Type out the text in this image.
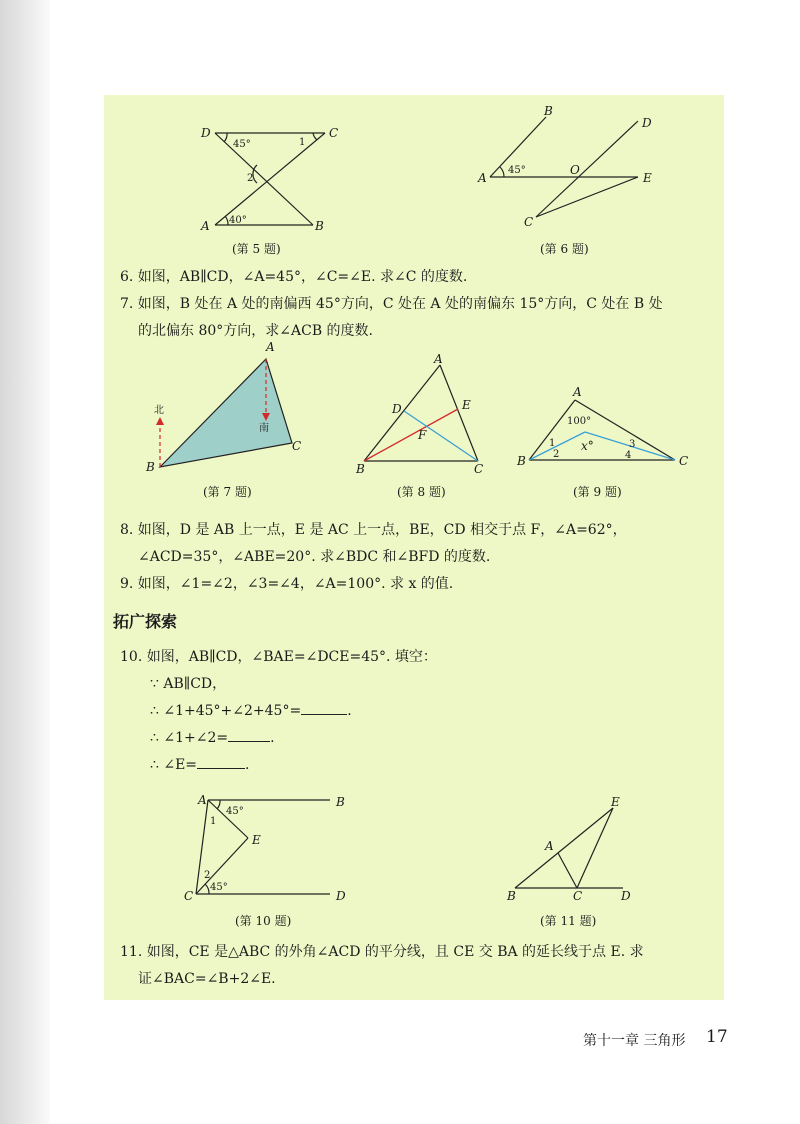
D	C
A	B
45°	1
2
40°
(第 5 题)
B
D
A
O
E
C
45°
(第 6 题)
6. 如图，AB∥CD，∠A=45°，∠C=∠E. 求∠C 的度数.
7. 如图，B 处在 A 处的南偏西 45°方向，C 处在 A 处的南偏东 15°方向，C 处在 B 处
的北偏东 80°方向，求∠ACB 的度数.
A
B
C
北
南
(第 7 题)
A
D	E
F
B	C
(第 8 题)
A
B	C
100°
1
2
3
4
x°
(第 9 题)
8. 如图，D 是 AB 上一点，E 是 AC 上一点，BE，CD 相交于点 F，∠A=62°，
∠ACD=35°，∠ABE=20°. 求∠BDC 和∠BFD 的度数.
9. 如图，∠1=∠2，∠3=∠4，∠A=100°. 求 x 的值.
拓广探索
10. 如图，AB∥CD，∠BAE=∠DCE=45°. 填空：
∵ AB∥CD，
∴ ∠1+45°+∠2+45°=	.
∴ ∠1+∠2=	.
∴ ∠E=	.
A	B
C	D
E
1
2
45°
45°
(第 10 题)
E
A
B	C	D
(第 11 题)
11. 如图，CE 是△ABC 的外角∠ACD 的平分线，且 CE 交 BA 的延长线于点 E. 求
证∠BAC=∠B+2∠E.
第十一章 三角形 17
